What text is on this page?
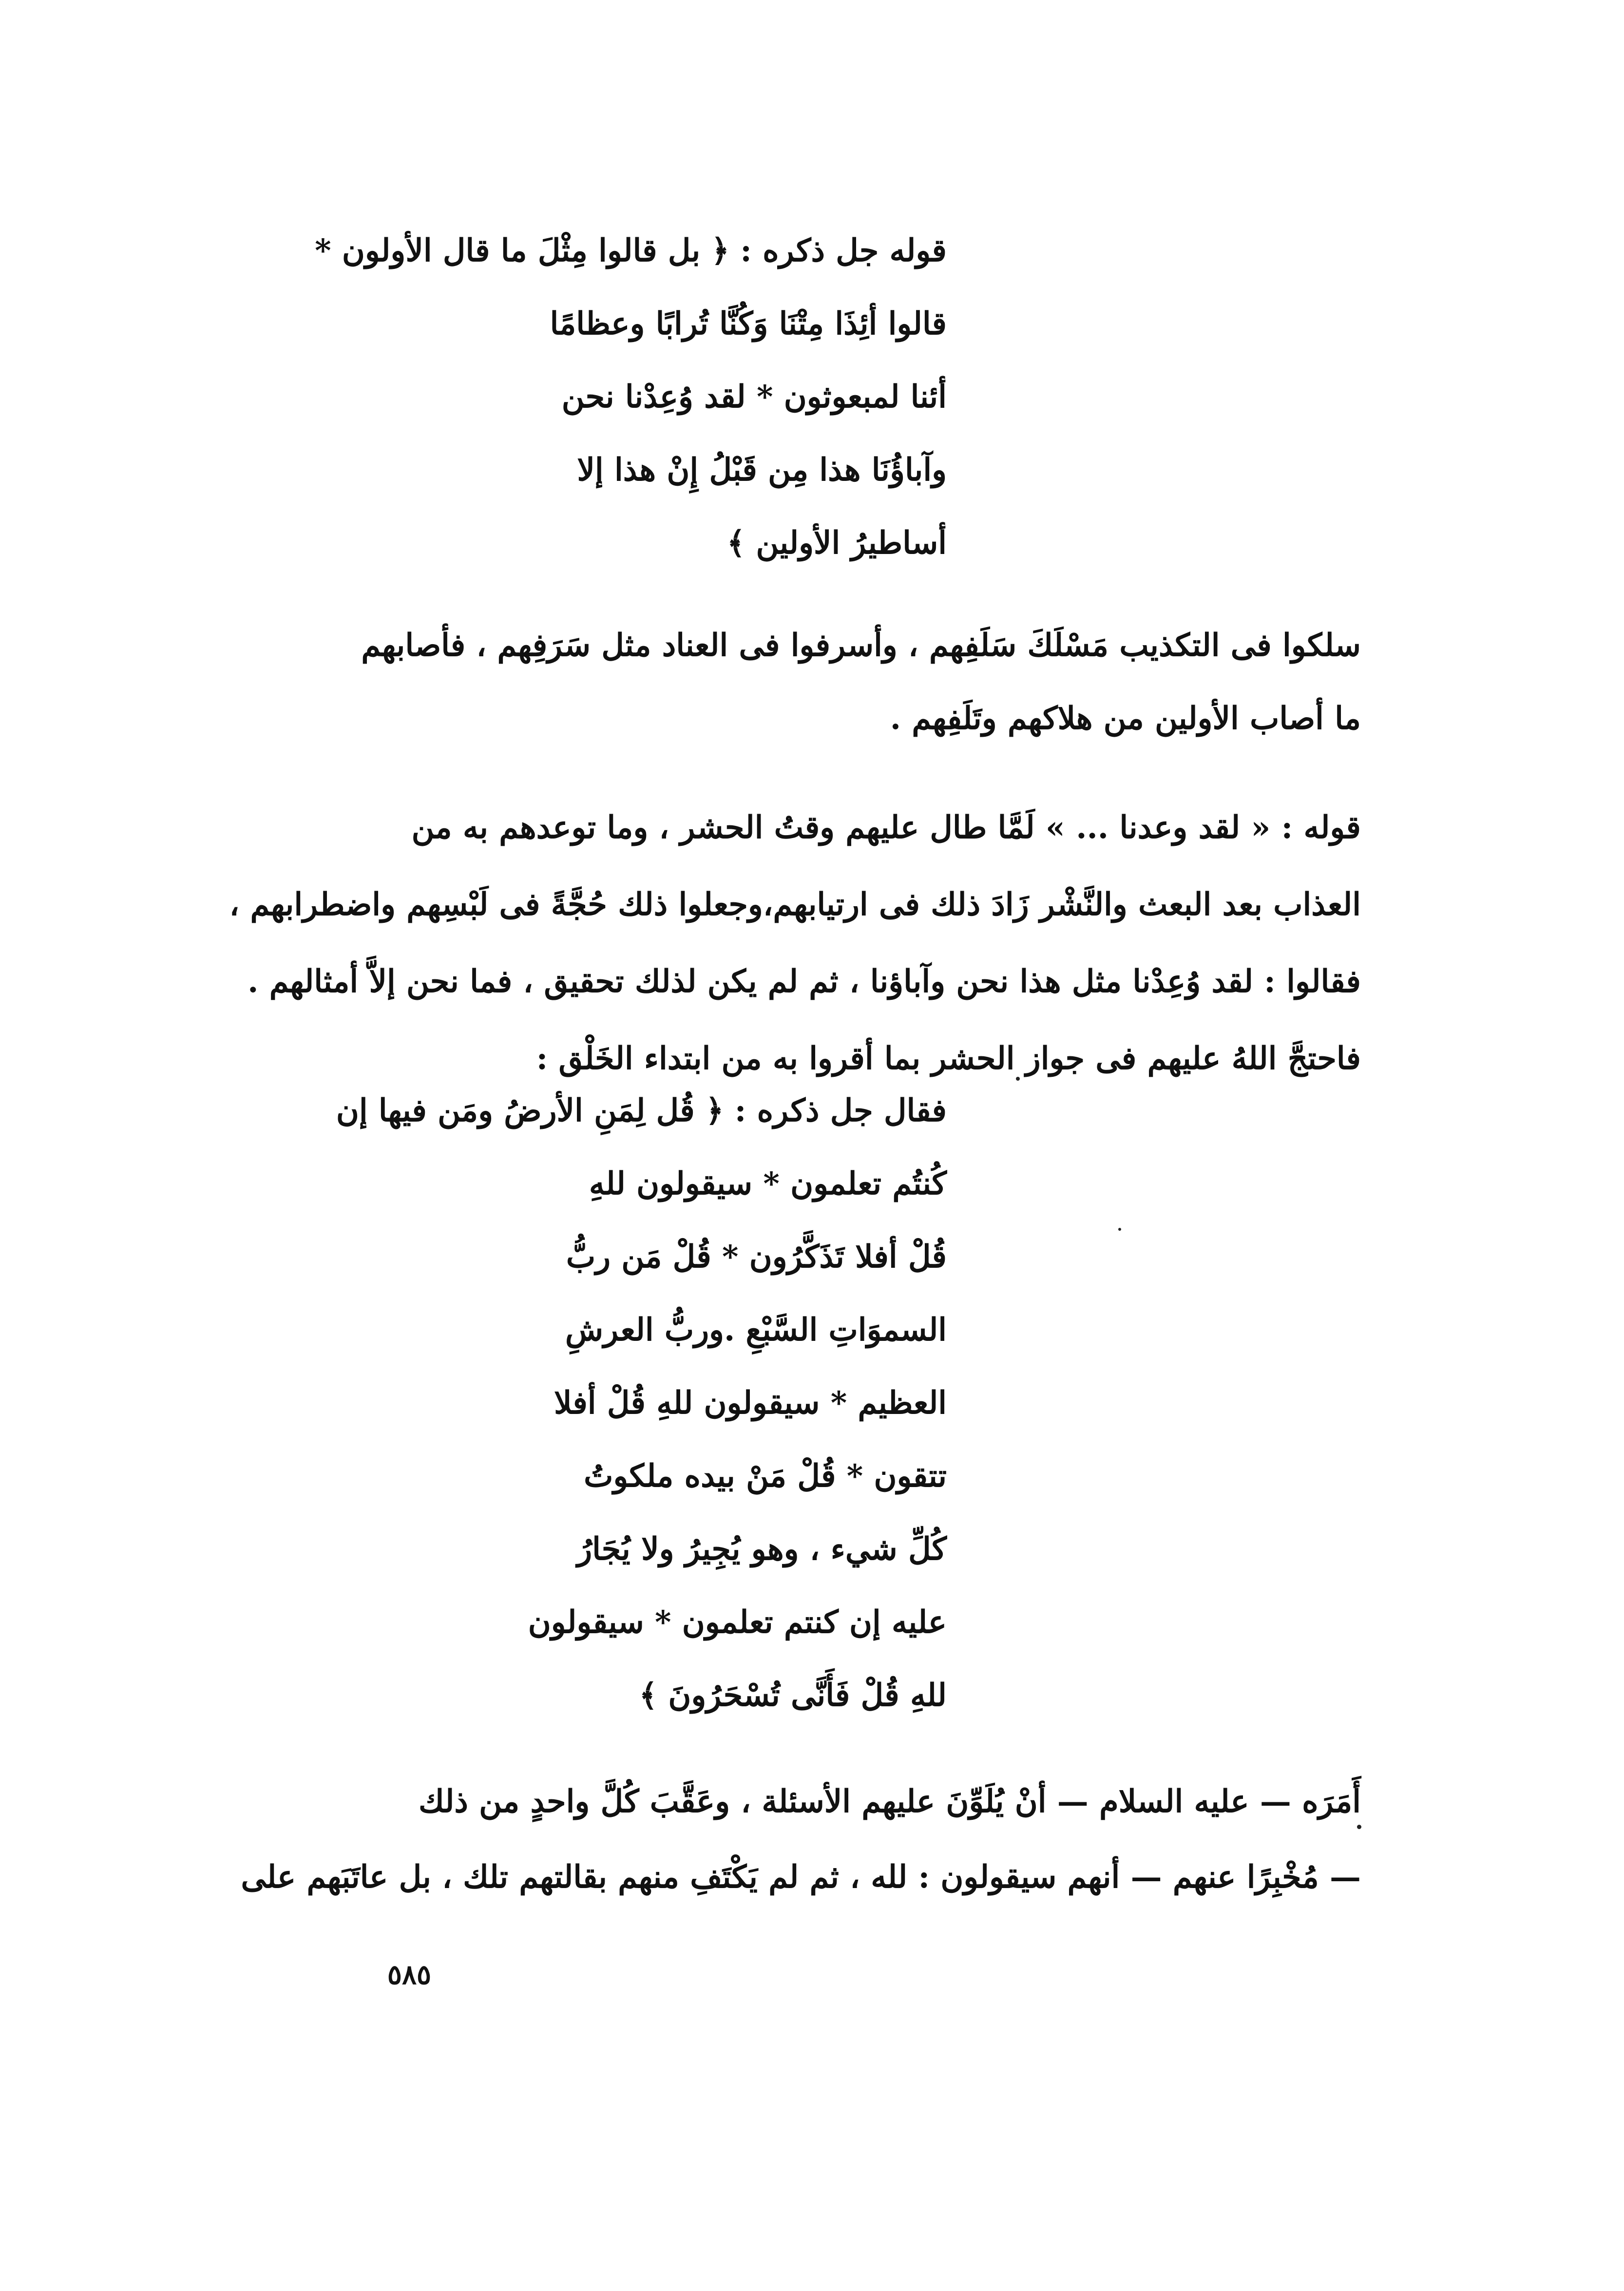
قوله جل ذكره : ﴿ بل قالوا مِثْلَ ما قال الأولون *
قالوا أئِذَا مِتْنَا وَكُنَّا تُرابًا وعظامًا
أئنا لمبعوثون * لقد وُعِدْنا نحن
وآباؤُنَا هذا مِن قَبْلُ إِنْ هذا إلا
أساطيرُ الأولين ﴾
سلكوا فى التكذيب مَسْلَكَ سَلَفِهم ، وأسرفوا فى العناد مثل سَرَفِهم ، فأصابهم
ما أصاب الأولين من هلاكهم وتَلَفِهم .
قوله : « لقد وعدنا ... » لَمَّا طال عليهم وقتُ الحشر ، وما توعدهم به من
العذاب بعد البعث والنَّشْر زَادَ ذلك فى ارتيابهم،وجعلوا ذلك حُجَّةً فى لَبْسِهم واضطرابهم ،
فقالوا : لقد وُعِدْنا مثل هذا نحن وآباؤنا ، ثم لم يكن لذلك تحقيق ، فما نحن إلاَّ أمثالهم .
فاحتجَّ اللهُ عليهم فى جواز الحشر بما أقروا به من ابتداء الخَلْق :
فقال جل ذكره : ﴿ قُل لِمَنِ الأرضُ ومَن فيها إن
كُنتُم تعلمون * سيقولون للهِ
قُلْ أفلا تَذَكَّرُون * قُلْ مَن ربُّ
السموَاتِ السَّبْعِ .وربُّ العرشِ
العظيم * سيقولون للهِ قُلْ أفلا
تتقون * قُلْ مَنْ بيده ملكوتُ
كُلِّ شيء ، وهو يُجِيرُ ولا يُجَارُ
عليه إن كنتم تعلمون * سيقولون
للهِ قُلْ فَأَنَّى تُسْحَرُونَ ﴾
أَمَرَه — عليه السلام — أنْ يُلَوِّنَ عليهم الأسئلة ، وعَقَّبَ كُلَّ واحدٍ من ذلك
— مُخْبِرًا عنهم — أنهم سيقولون : لله ، ثم لم يَكْتَفِ منهم بقالتهم تلك ، بل عاتَبَهم على
٥٨٥
